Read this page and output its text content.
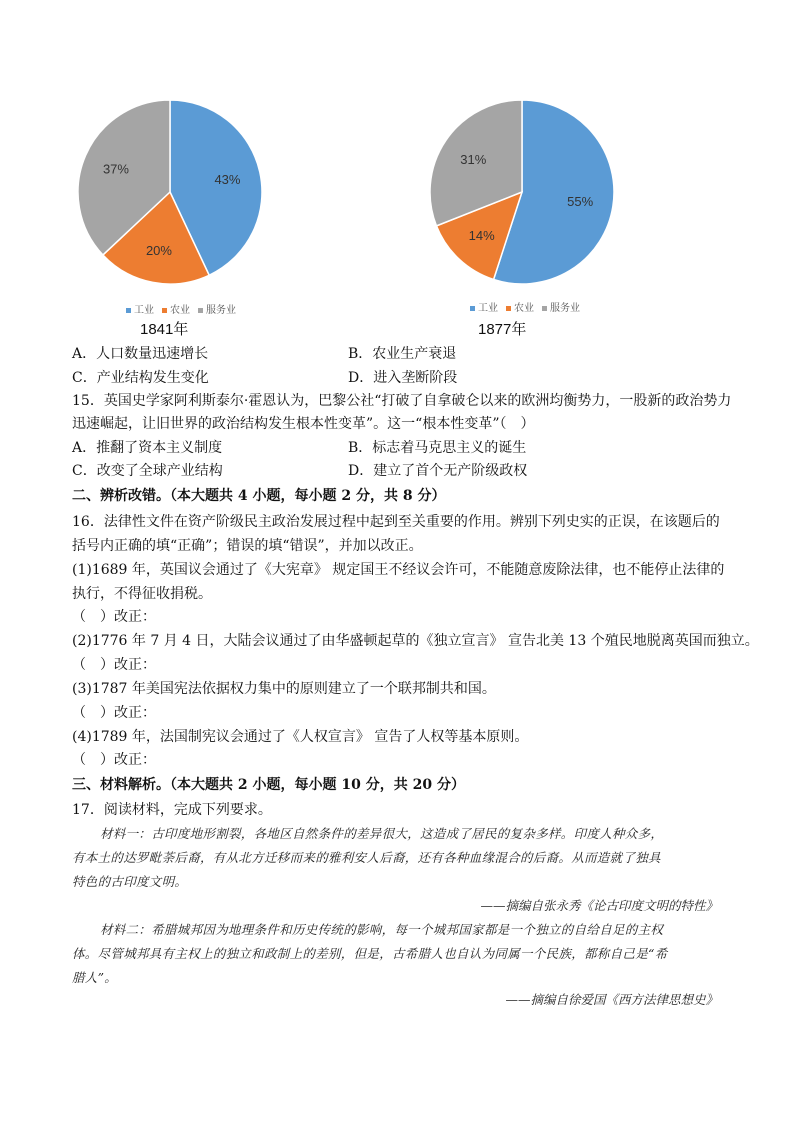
43%
20%
37%
工业	农业	服务业
1841年
55%
14%
31%
工业	农业	服务业
1877年
A．人口数量迅速增长	B．农业生产衰退
C．产业结构发生变化	D．进入垄断阶段
15．英国史学家阿利斯泰尔·霍恩认为，巴黎公社“打破了自拿破仑以来的欧洲均衡势力，一股新的政治势力
迅速崛起，让旧世界的政治结构发生根本性变革”。这一“根本性变革”（　）
A．推翻了资本主义制度	B．标志着马克思主义的诞生
C．改变了全球产业结构	D．建立了首个无产阶级政权
二、辨析改错。（本大题共 4 小题，每小题 2 分，共 8 分）
16．法律性文件在资产阶级民主政治发展过程中起到至关重要的作用。辨别下列史实的正误，在该题后的
括号内正确的填“正确”；错误的填“错误”，并加以改正。
(1)1689 年，英国议会通过了《大宪章》 规定国王不经议会许可，不能随意废除法律，也不能停止法律的
执行，不得征收捐税。
（　）改正：
(2)1776 年 7 月 4 日，大陆会议通过了由华盛顿起草的《独立宣言》 宣告北美 13 个殖民地脱离英国而独立。
（　）改正：
(3)1787 年美国宪法依据权力集中的原则建立了一个联邦制共和国。
（　）改正：
(4)1789 年，法国制宪议会通过了《人权宣言》 宣告了人权等基本原则。
（　）改正：
三、材料解析。（本大题共 2 小题，每小题 10 分，共 20 分）
17．阅读材料，完成下列要求。
材料一：古印度地形割裂，各地区自然条件的差异很大，这造成了居民的复杂多样。印度人种众多，
有本土的达罗毗荼后裔，有从北方迁移而来的雅利安人后裔，还有各种血缘混合的后裔。从而造就了独具
特色的古印度文明。
——摘编自张永秀《论古印度文明的特性》
材料二：希腊城邦因为地理条件和历史传统的影响，每一个城邦国家都是一个独立的自给自足的主权
体。尽管城邦具有主权上的独立和政制上的差别，但是，古希腊人也自认为同属一个民族，都称自己是“希
腊人”。
——摘编自徐爱国《西方法律思想史》
